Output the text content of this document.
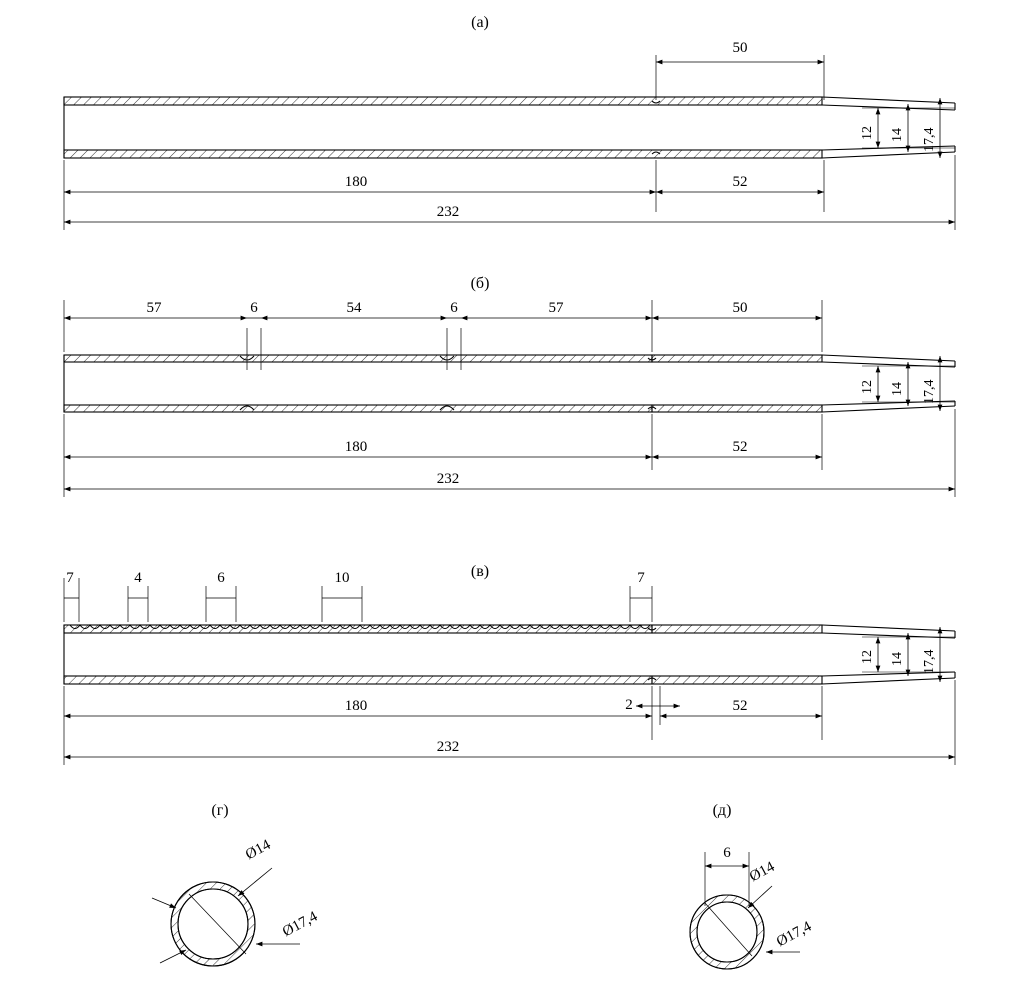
(а)
(б)
(в)
(г)	(д)
50
180	52
232
12 14 17,4
57	6	54	6	57	50
180	52
232
12 14 17,4
7	4	6	10	7
180	2	52
232
12 14 17,4
Ø14
Ø17,4
6
Ø14
Ø17,4
